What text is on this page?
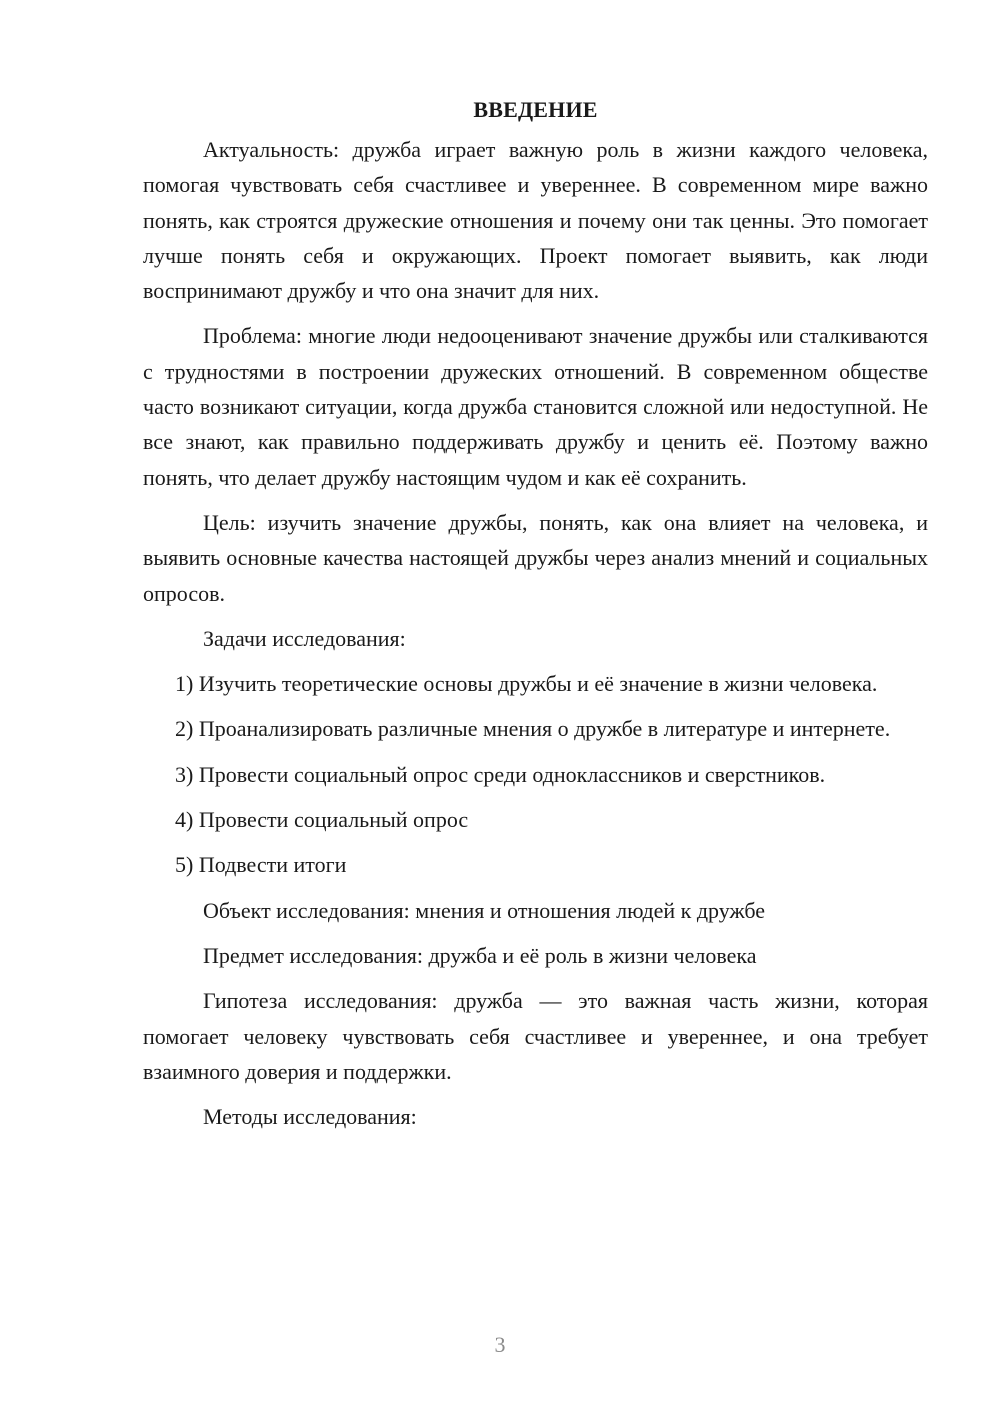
ВВЕДЕНИЕ

Актуальность: дружба играет важную роль в жизни каждого человека, помогая чувствовать себя счастливее и увереннее. В современном мире важно понять, как строятся дружеские отношения и почему они так ценны. Это помогает лучше понять себя и окружающих. Проект помогает выявить, как люди воспринимают дружбу и что она значит для них.

Проблема: многие люди недооценивают значение дружбы или сталкиваются с трудностями в построении дружеских отношений. В современном обществе часто возникают ситуации, когда дружба становится сложной или недоступной. Не все знают, как правильно поддерживать дружбу и ценить её. Поэтому важно понять, что делает дружбу настоящим чудом и как её сохранить.

Цель: изучить значение дружбы, понять, как она влияет на человека, и выявить основные качества настоящей дружбы через анализ мнений и социальных опросов.

Задачи исследования:

1) Изучить теоретические основы дружбы и её значение в жизни человека.

2) Проанализировать различные мнения о дружбе в литературе и интернете.

3) Провести социальный опрос среди одноклассников и сверстников.

4) Провести социальный опрос

5) Подвести итоги

Объект исследования: мнения и отношения людей к дружбе

Предмет исследования: дружба и её роль в жизни человека

Гипотеза исследования: дружба — это важная часть жизни, которая помогает человеку чувствовать себя счастливее и увереннее, и она требует взаимного доверия и поддержки.

Методы исследования:

3
